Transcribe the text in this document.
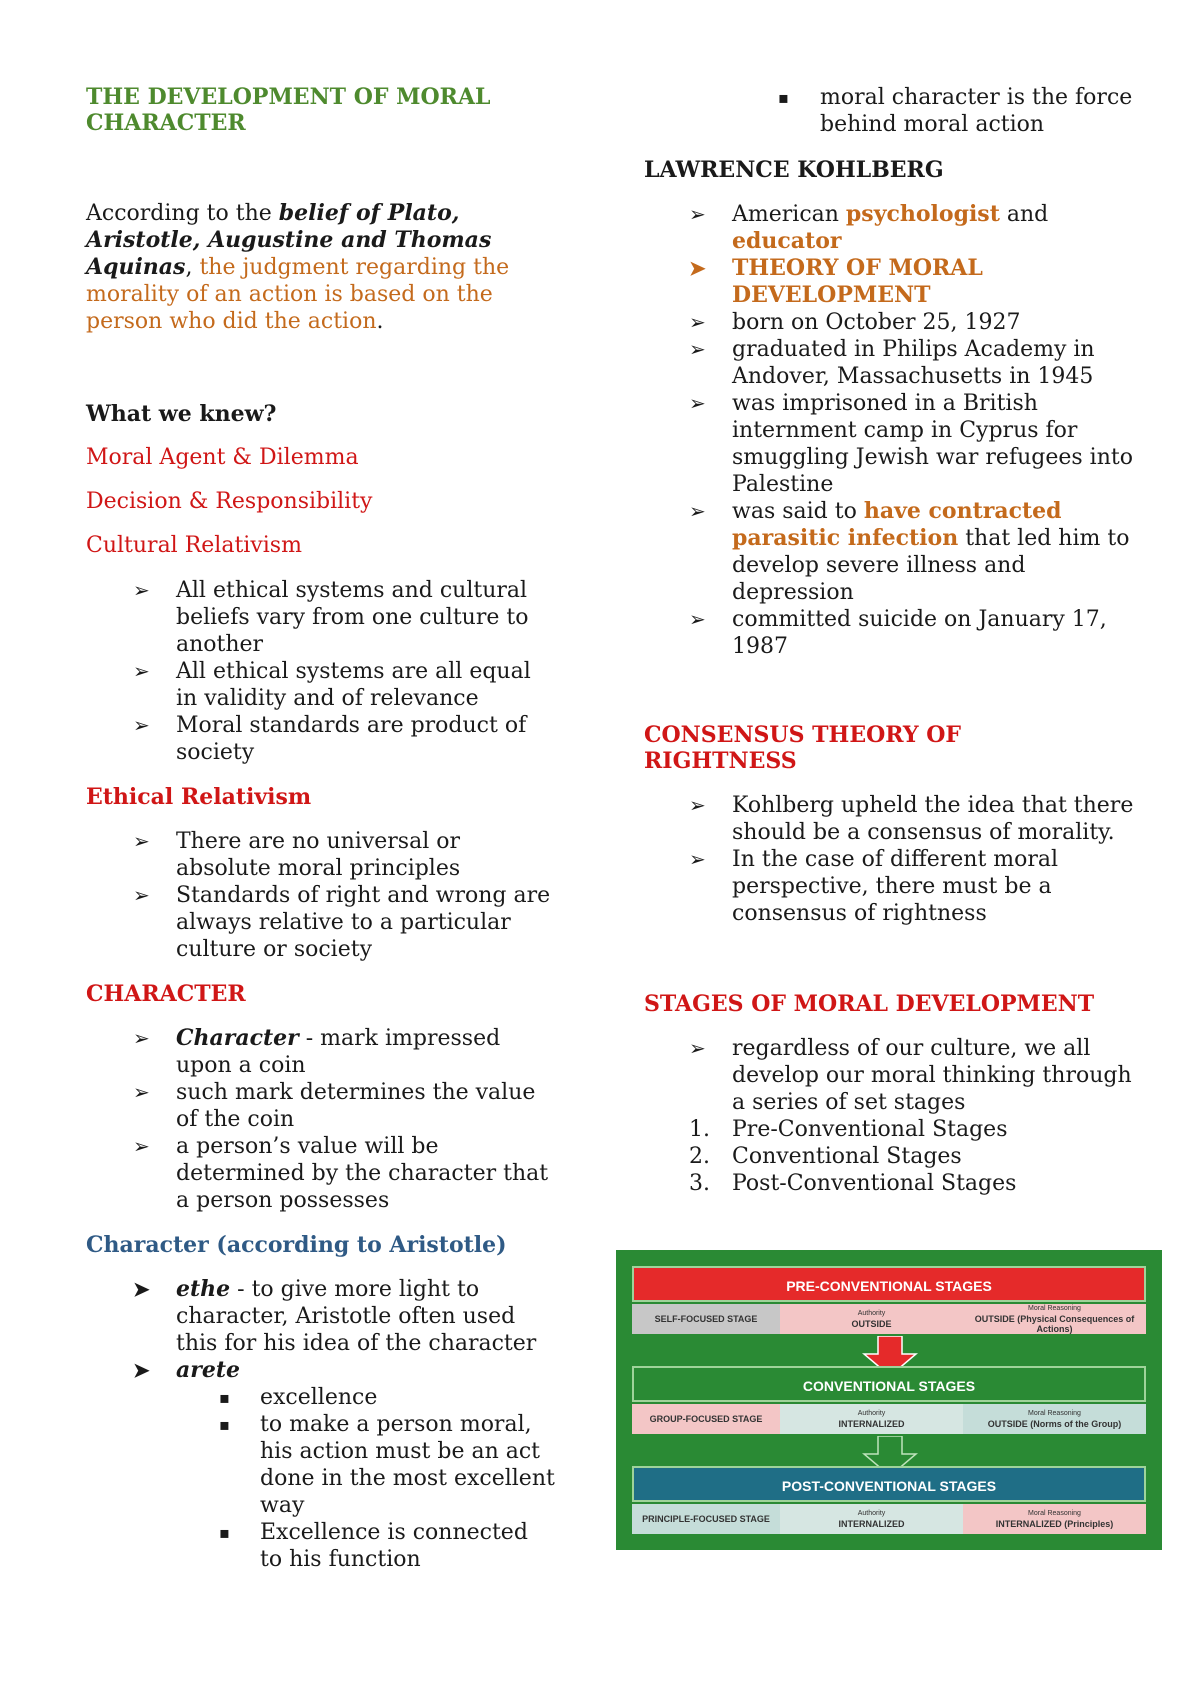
THE DEVELOPMENT OF MORAL
CHARACTER

According to the belief of Plato, Aristotle, Augustine and Thomas Aquinas, the judgment regarding the morality of an action is based on the person who did the action.

What we knew?

Moral Agent & Dilemma

Decision & Responsibility

Cultural Relativism

➢ All ethical systems and cultural beliefs vary from one culture to another
➢ All ethical systems are all equal in validity and of relevance
➢ Moral standards are product of society

Ethical Relativism

➢ There are no universal or absolute moral principles
➢ Standards of right and wrong are always relative to a particular culture or society

CHARACTER

➢ Character - mark impressed upon a coin
➢ such mark determines the value of the coin
➢ a person’s value will be determined by the character that a person possesses

Character (according to Aristotle)

➤ ethe - to give more light to character, Aristotle often used this for his idea of the character
➤ arete
▪ excellence
▪ to make a person moral, his action must be an act done in the most excellent way
▪ Excellence is connected to his function
▪ moral character is the force behind moral action

LAWRENCE KOHLBERG

➢ American psychologist and educator
➤ THEORY OF MORAL DEVELOPMENT
➢ born on October 25, 1927
➢ graduated in Philips Academy in Andover, Massachusetts in 1945
➢ was imprisoned in a British internment camp in Cyprus for smuggling Jewish war refugees into Palestine
➢ was said to have contracted parasitic infection that led him to develop severe illness and depression
➢ committed suicide on January 17, 1987

CONSENSUS THEORY OF
RIGHTNESS

➢ Kohlberg upheld the idea that there should be a consensus of morality.
➢ In the case of different moral perspective, there must be a consensus of rightness

STAGES OF MORAL DEVELOPMENT

➢ regardless of our culture, we all develop our moral thinking through a series of set stages
1. Pre-Conventional Stages
2. Conventional Stages
3. Post-Conventional Stages
PRE-CONVENTIONAL STAGES
SELF-FOCUSED STAGE
Authority
OUTSIDE
Moral Reasoning
OUTSIDE (Physical Consequences of Actions)
CONVENTIONAL STAGES
GROUP-FOCUSED STAGE
Authority
INTERNALIZED
Moral Reasoning
OUTSIDE (Norms of the Group)
POST-CONVENTIONAL STAGES
PRINCIPLE-FOCUSED STAGE
Authority
INTERNALIZED
Moral Reasoning
INTERNALIZED (Principles)
